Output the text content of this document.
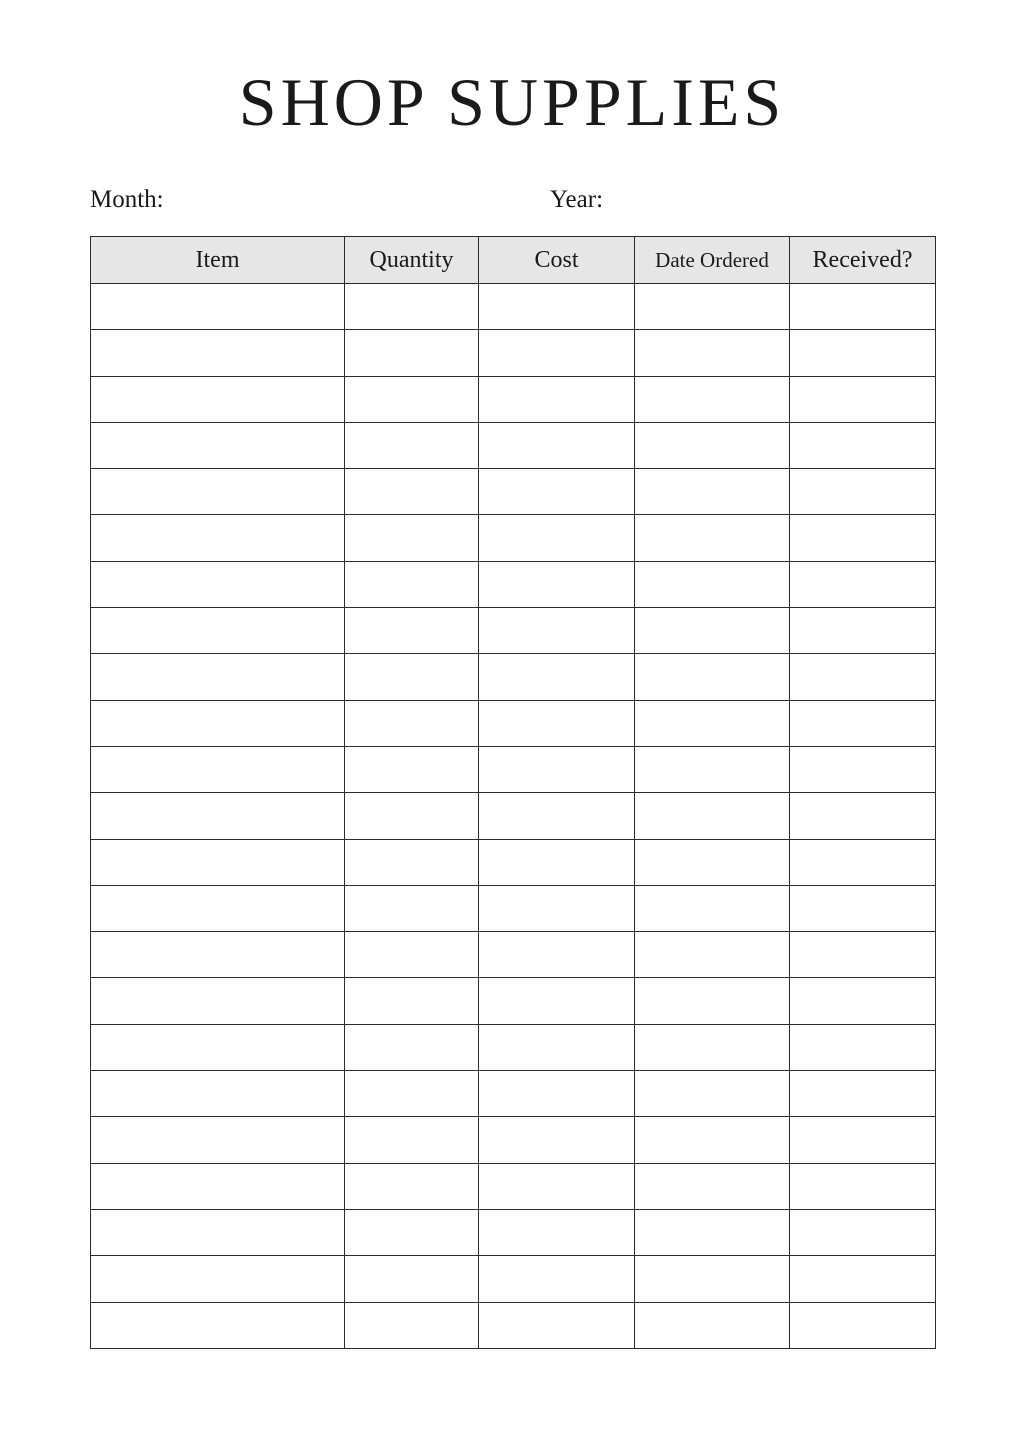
SHOP SUPPLIES
Month:	Year:
Item	Quantity	Cost	Date Ordered	Received?
